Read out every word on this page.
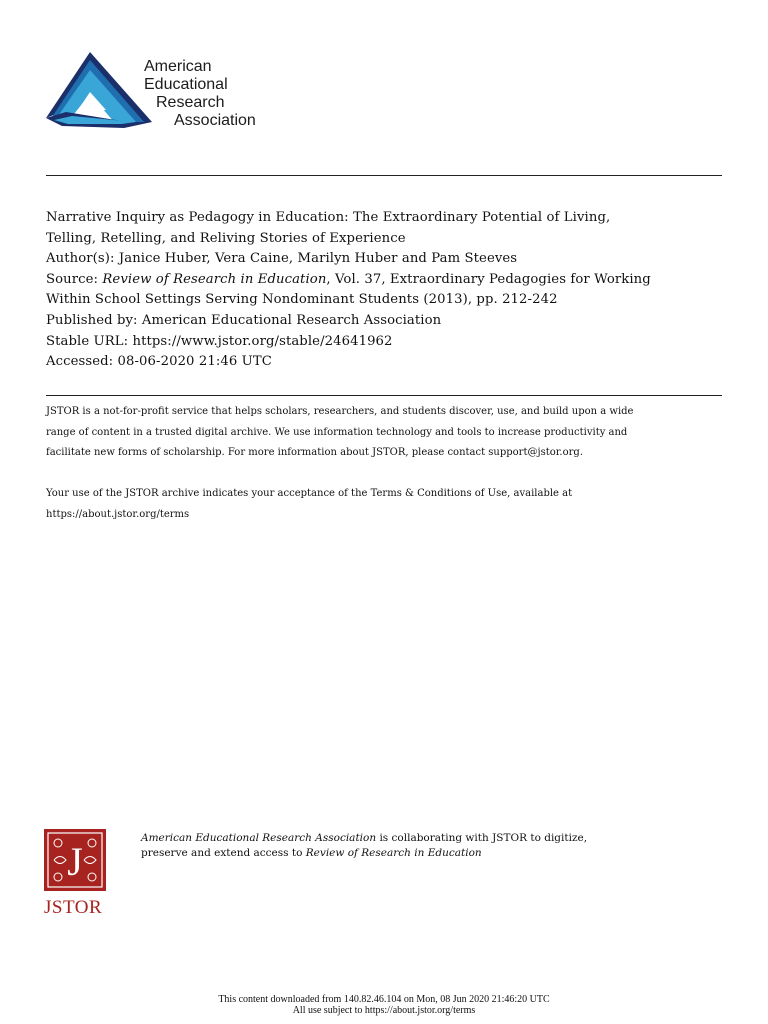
American
Educational
Research
Association
Narrative Inquiry as Pedagogy in Education: The Extraordinary Potential of Living,
Telling, Retelling, and Reliving Stories of Experience
Author(s): Janice Huber, Vera Caine, Marilyn Huber and Pam Steeves
Source: Review of Research in Education, Vol. 37, Extraordinary Pedagogies for Working
Within School Settings Serving Nondominant Students (2013), pp. 212-242
Published by: American Educational Research Association
Stable URL: https://www.jstor.org/stable/24641962
Accessed: 08-06-2020 21:46 UTC
JSTOR is a not-for-profit service that helps scholars, researchers, and students discover, use, and build upon a wide
range of content in a trusted digital archive. We use information technology and tools to increase productivity and
facilitate new forms of scholarship. For more information about JSTOR, please contact support@jstor.org.
Your use of the JSTOR archive indicates your acceptance of the Terms & Conditions of Use, available at
https://about.jstor.org/terms
J
JSTOR
American Educational Research Association is collaborating with JSTOR to digitize,
preserve and extend access to Review of Research in Education
This content downloaded from 140.82.46.104 on Mon, 08 Jun 2020 21:46:20 UTC
All use subject to https://about.jstor.org/terms
